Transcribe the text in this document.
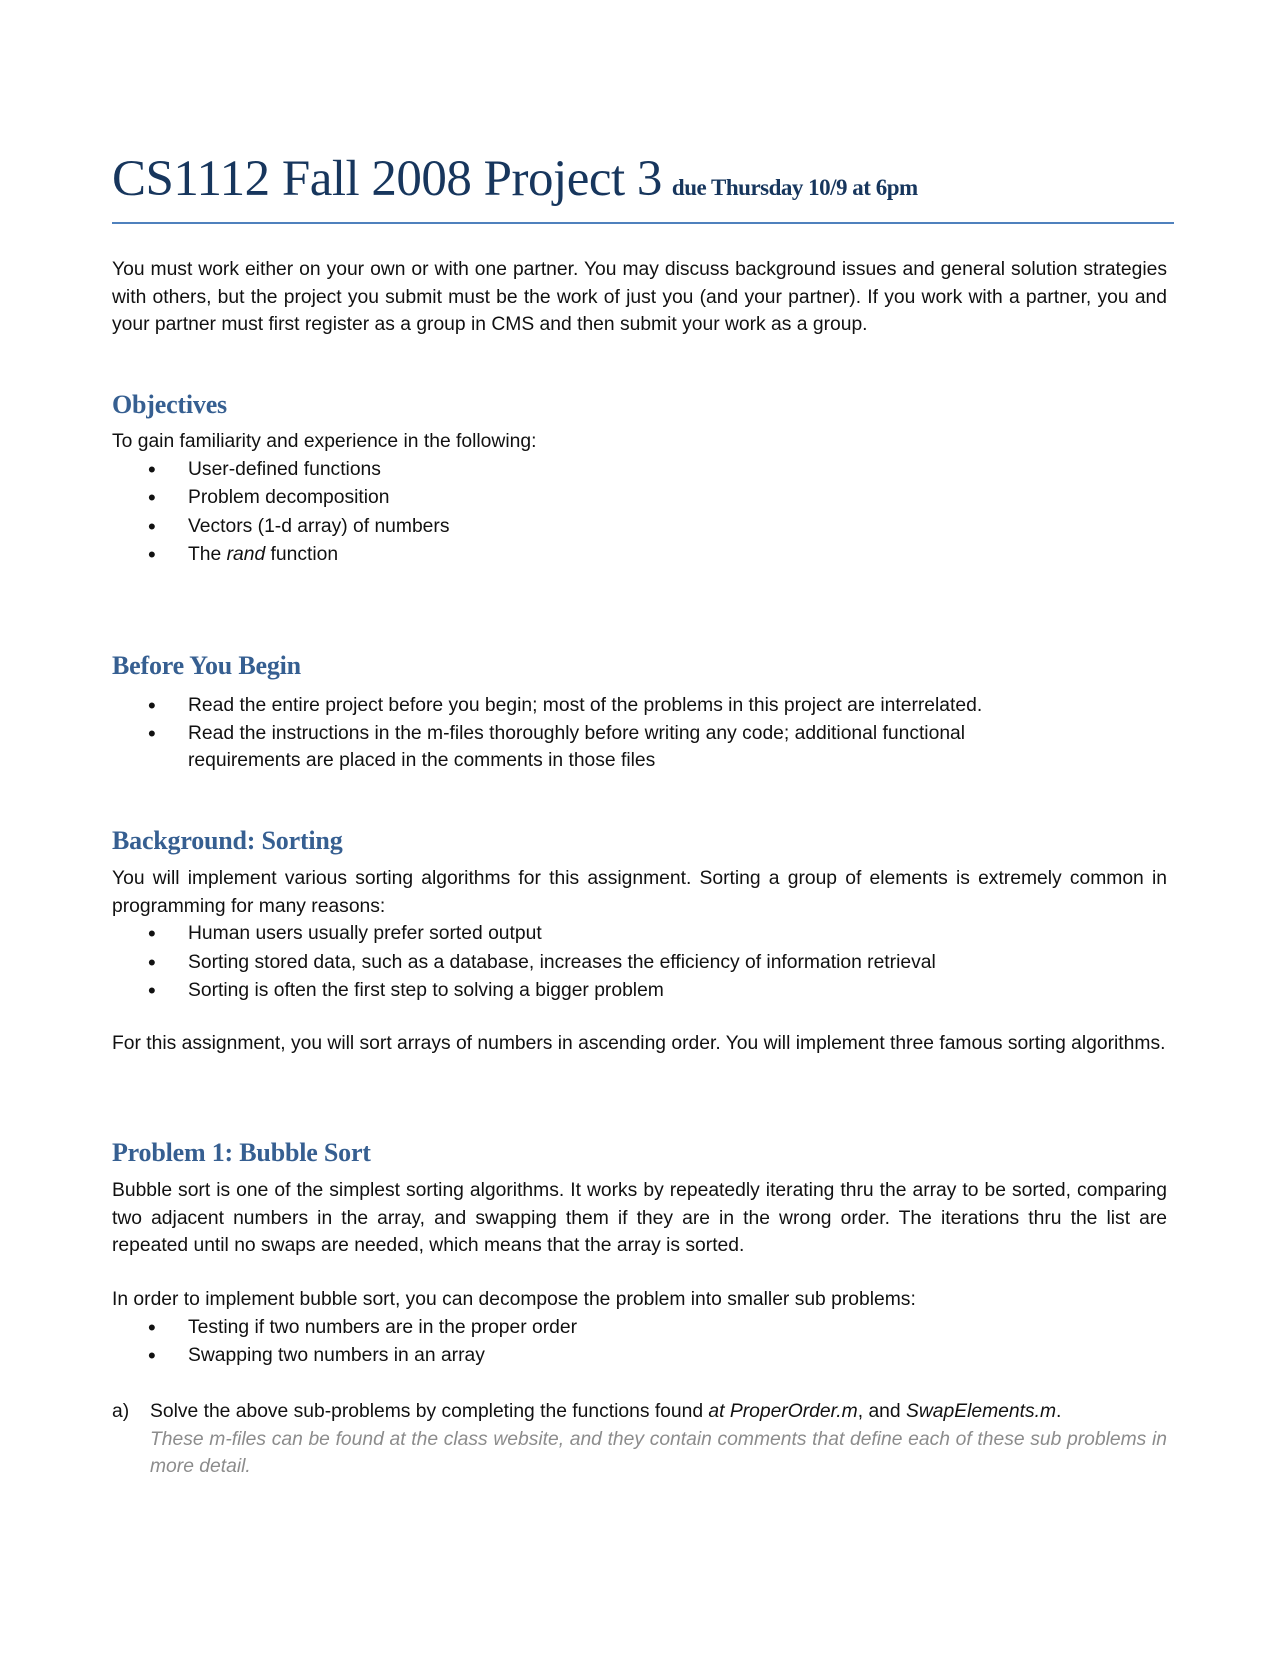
CS1112 Fall 2008 Project 3 due Thursday 10/9 at 6pm

You must work either on your own or with one partner. You may discuss background issues and general solution strategies with others, but the project you submit must be the work of just you (and your partner). If you work with a partner, you and your partner must first register as a group in CMS and then submit your work as a group.

Objectives

To gain familiarity and experience in the following:

• User-defined functions
• Problem decomposition
• Vectors (1-d array) of numbers
• The rand function
Before You Begin
• Read the entire project before you begin; most of the problems in this project are interrelated.
• Read the instructions in the m-files thoroughly before writing any code; additional functional requirements are placed in the comments in those files
Background: Sorting

You will implement various sorting algorithms for this assignment. Sorting a group of elements is extremely common in programming for many reasons:

• Human users usually prefer sorted output
• Sorting stored data, such as a database, increases the efficiency of information retrieval
• Sorting is often the first step to solving a bigger problem

For this assignment, you will sort arrays of numbers in ascending order. You will implement three famous sorting algorithms.

Problem 1: Bubble Sort

Bubble sort is one of the simplest sorting algorithms. It works by repeatedly iterating thru the array to be sorted, comparing two adjacent numbers in the array, and swapping them if they are in the wrong order. The iterations thru the list are repeated until no swaps are needed, which means that the array is sorted.

In order to implement bubble sort, you can decompose the problem into smaller sub problems:

• Testing if two numbers are in the proper order
• Swapping two numbers in an array
a) Solve the above sub-problems by completing the functions found at ProperOrder.m, and SwapElements.m.

These m-files can be found at the class website, and they contain comments that define each of these sub problems in more detail.
